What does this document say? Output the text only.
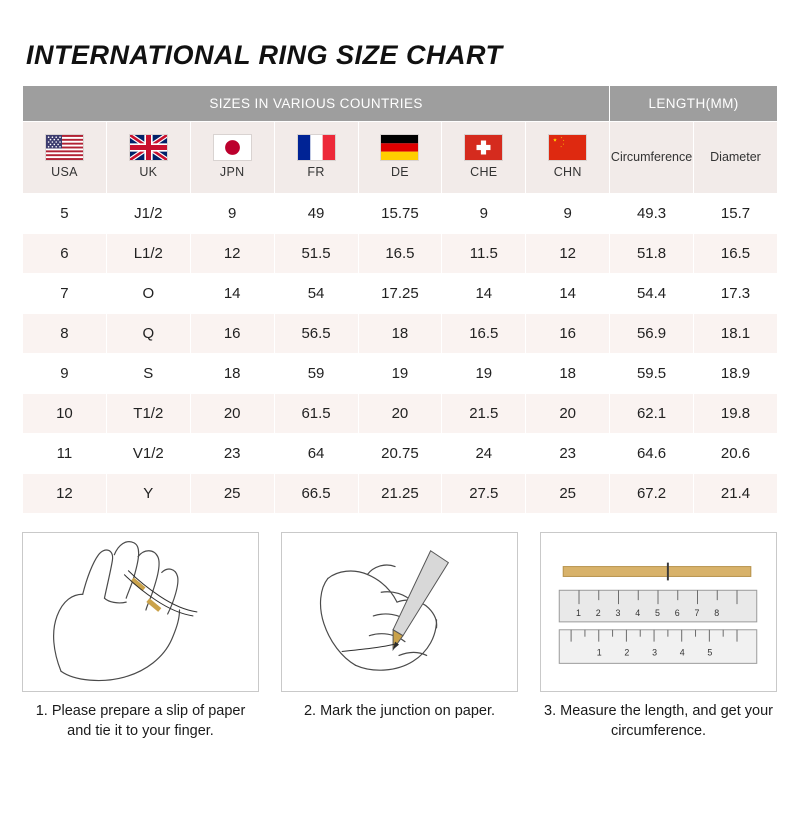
INTERNATIONAL RING SIZE CHART
SIZES IN VARIOUS COUNTRIES							LENGTH(MM)	

USA	UK	JPN	FR	DE	CHE	CHN	Circumference	Diameter
5	J1/2	9	49	15.75	9	9	49.3	15.7
6	L1/2	12	51.5	16.5	11.5	12	51.8	16.5
7	O	14	54	17.25	14	14	54.4	17.3
8	Q	16	56.5	18	16.5	16	56.9	18.1
9	S	18	59	19	19	18	59.5	18.9
10	T1/2	20	61.5	20	21.5	20	62.1	19.8
11	V1/2	23	64	20.75	24	23	64.6	20.6
12	Y	25	66.5	21.25	27.5	25	67.2	21.4
1. Please prepare a slip of paper and tie it to your finger.
2. Mark the junction on paper.
1 2 3 4 5 6 7 8
1	2	3	4	5
3. Measure the length, and get your circumference.
